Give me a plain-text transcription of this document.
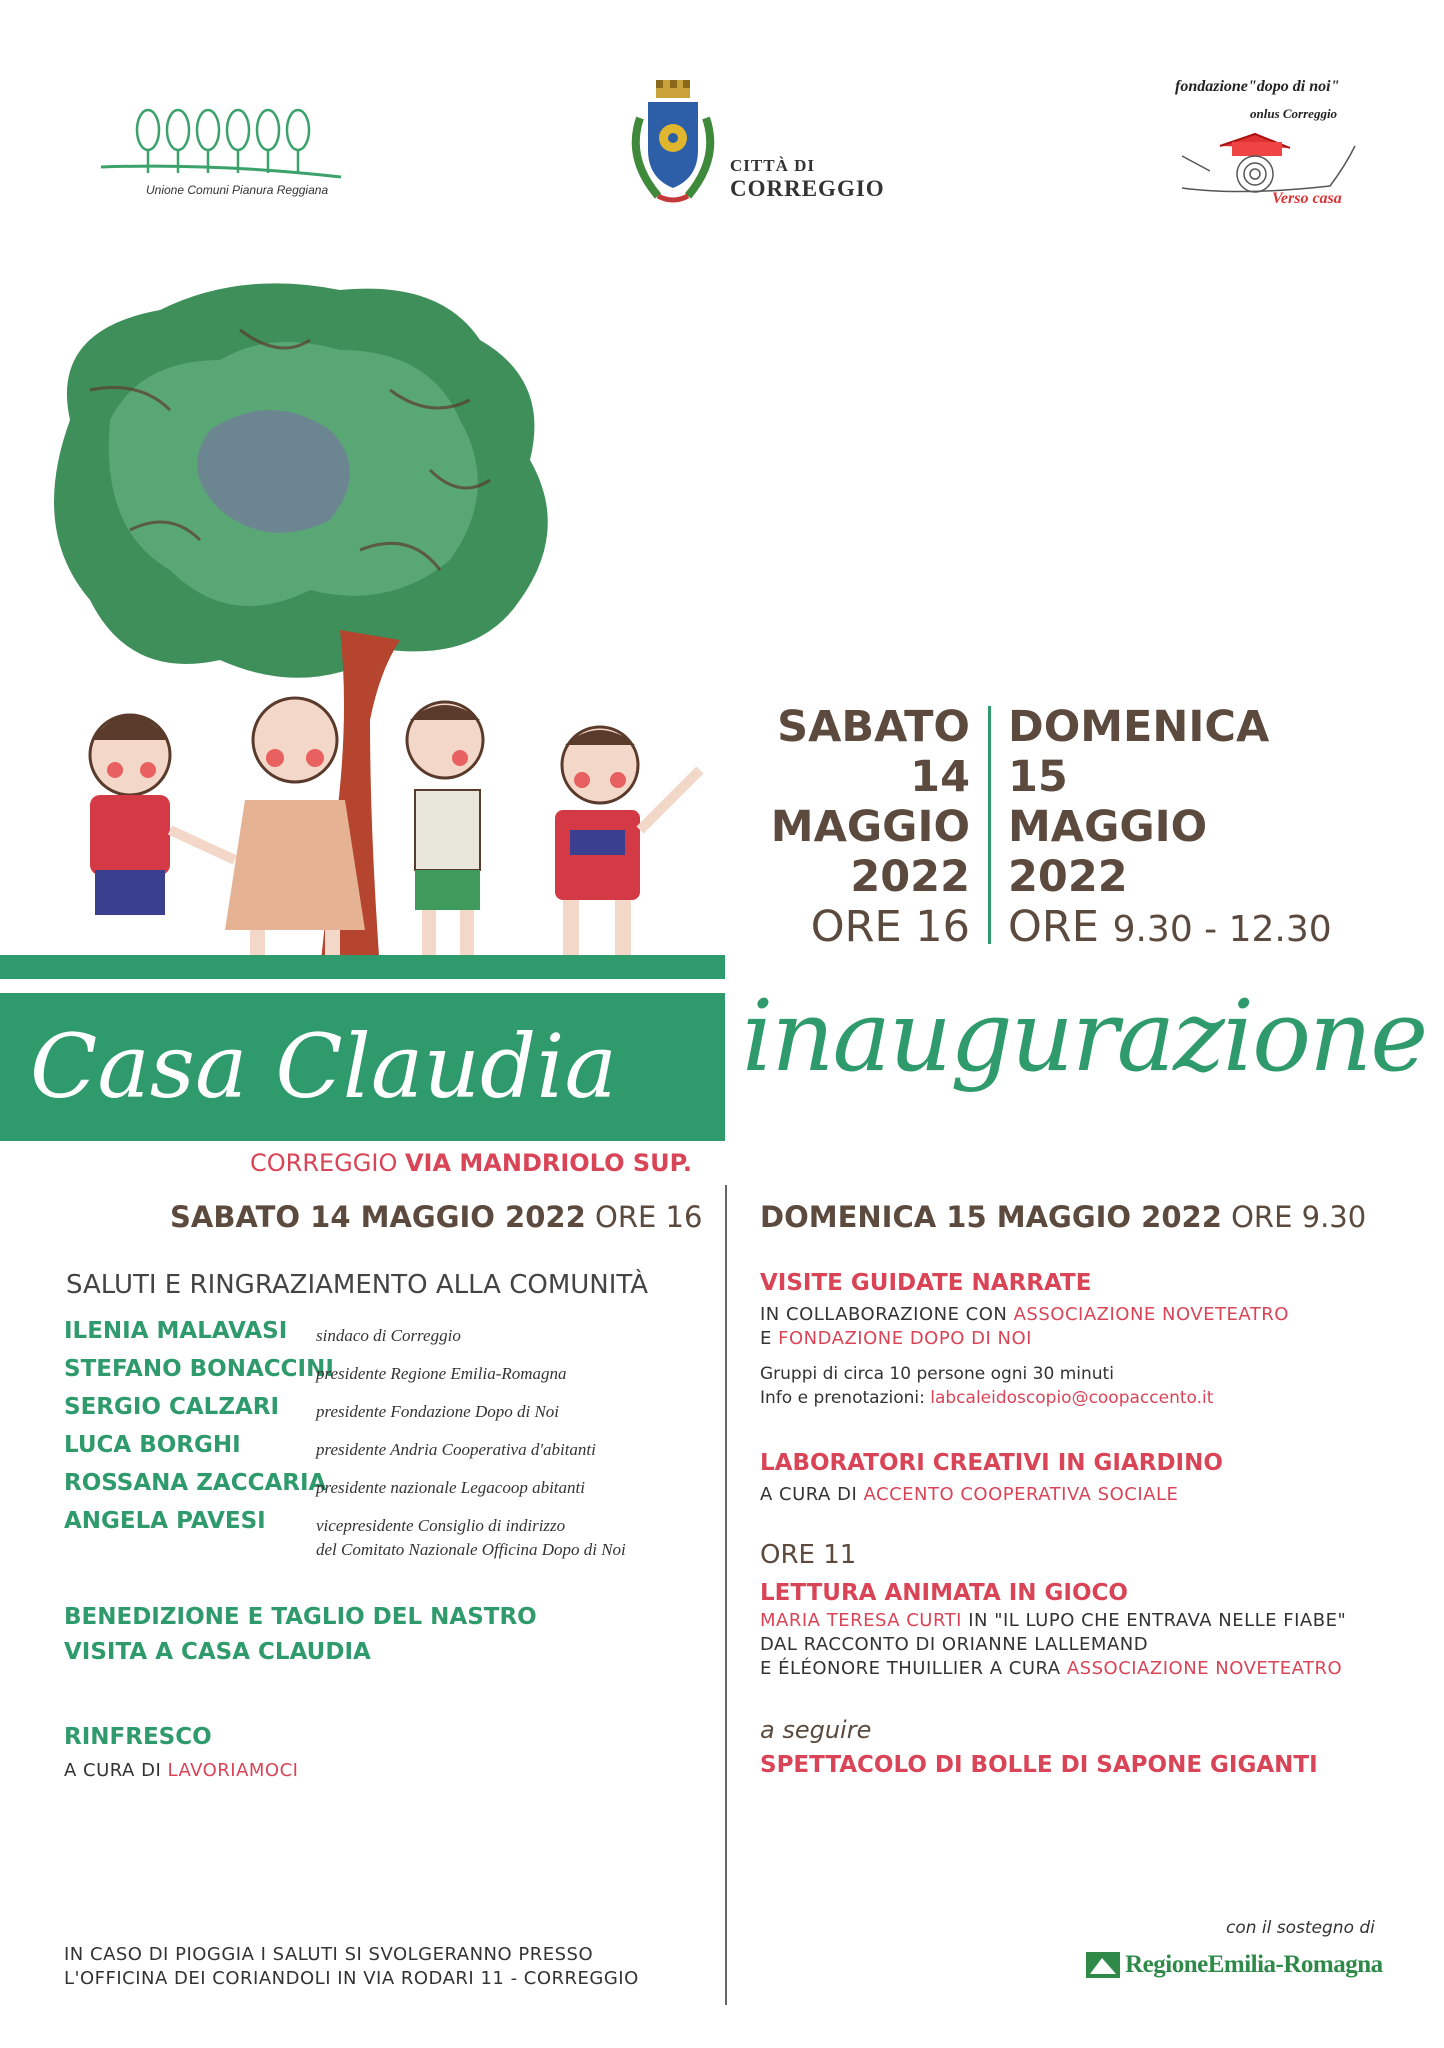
Unione Comuni Pianura Reggiana
CITTÀ DI
CORREGGIO
fondazione"dopo di noi"
onlus Correggio
Verso casa
Casa Claudia
SABATO
14
MAGGIO
2022
ORE 16
DOMENICA
15
MAGGIO
2022
ORE 9.30 - 12.30
inaugurazione
CORREGGIO VIA MANDRIOLO SUP.
SABATO 14 MAGGIO 2022 ORE 16
SALUTI E RINGRAZIAMENTO ALLA COMUNITÀ
ILENIA MALAVASI sindaco di Correggio
STEFANO BONACCINI
presidente Regione Emilia-Romagna
SERGIO CALZARI presidente Fondazione Dopo di Noi
LUCA BORGHI	presidente Andria Cooperativa d'abitanti
ROSSANA ZACCARIA
presidente nazionale Legacoop abitanti
ANGELA PAVESI	vicepresidente Consiglio di indirizzo
del Comitato Nazionale Officina Dopo di Noi
BENEDIZIONE E TAGLIO DEL NASTRO
VISITA A CASA CLAUDIA
RINFRESCO
A CURA DI LAVORIAMOCI
IN CASO DI PIOGGIA I SALUTI SI SVOLGERANNO PRESSO
L'OFFICINA DEI CORIANDOLI IN VIA RODARI 11 - CORREGGIO
DOMENICA 15 MAGGIO 2022 ORE 9.30
VISITE GUIDATE NARRATE
IN COLLABORAZIONE CON ASSOCIAZIONE NOVETEATRO
E FONDAZIONE DOPO DI NOI
Gruppi di circa 10 persone ogni 30 minuti
Info e prenotazioni: labcaleidoscopio@coopaccento.it
LABORATORI CREATIVI IN GIARDINO
A CURA DI ACCENTO COOPERATIVA SOCIALE
ORE 11
LETTURA ANIMATA IN GIOCO
MARIA TERESA CURTI IN "IL LUPO CHE ENTRAVA NELLE FIABE"
DAL RACCONTO DI ORIANNE LALLEMAND
E ÉLÉONORE THUILLIER A CURA ASSOCIAZIONE NOVETEATRO
a seguire
SPETTACOLO DI BOLLE DI SAPONE GIGANTI
con il sostegno di
RegioneEmilia-Romagna
